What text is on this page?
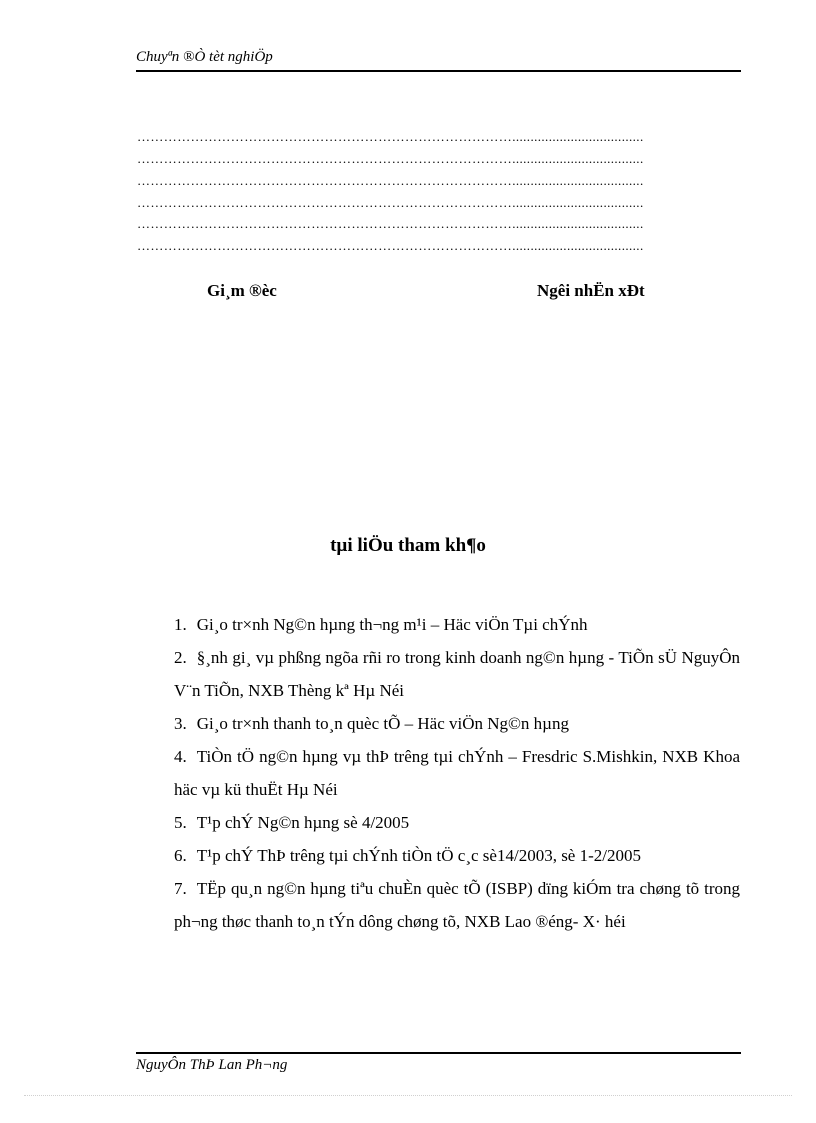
Chuyªn ®Ò tèt nghiÖp
…………………………………………………………………………....................................
…………………………………………………………………………....................................
…………………………………………………………………………....................................
…………………………………………………………………………....................................
…………………………………………………………………………....................................
…………………………………………………………………………....................................
Gi¸m ®èc	Ngêi nhËn xÐt
tµi liÖu tham kh¶o
1. Gi¸o tr×nh Ng©n hµng th¬ng m¹i – Häc viÖn Tµi chÝnh
2. §¸nh gi¸ vµ phßng ngõa rñi ro trong kinh doanh ng©n hµng - TiÕn sÜ NguyÔn V¨n TiÕn, NXB Thèng kª Hµ Néi
3. Gi¸o tr×nh thanh to¸n quèc tÕ – Häc viÖn Ng©n hµng
4. TiÒn tÖ ng©n hµng vµ thÞ trêng tµi chÝnh – Fresdric S.Mishkin, NXB Khoa häc vµ kü thuËt Hµ Néi
5. T¹p chÝ Ng©n hµng sè 4/2005
6. T¹p chÝ ThÞ trêng tµi chÝnh tiÒn tÖ c¸c sè14/2003, sè 1-2/2005
7. TËp qu¸n ng©n hµng tiªu chuÈn quèc tÕ (ISBP) dïng kiÓm tra chøng tõ trong ph¬ng thøc thanh to¸n tÝn dông chøng tõ, NXB Lao ®éng- X· héi
NguyÔn ThÞ Lan Ph¬ng
